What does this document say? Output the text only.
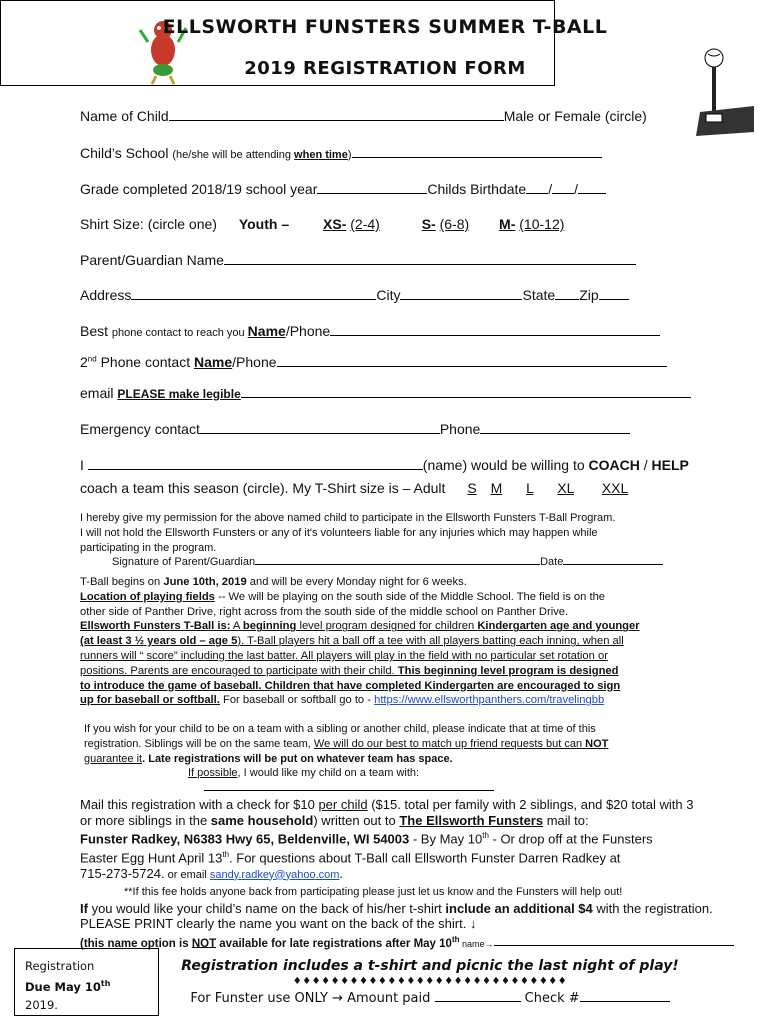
ELLSWORTH FUNSTERS SUMMER T-BALL
2019 REGISTRATION FORM
Name of Child	Male or Female (circle)
Child’s School (he/she will be attending when time)
Grade completed 2018/19 school year	Childs Birthdate / /
Shirt Size: (circle one) Youth – XS- (2-4)	S- (6-8) M- (10-12)
Parent/Guardian Name
Address	City	State Zip
Best phone contact to reach you Name/Phone
2nd Phone contact Name/Phone
email PLEASE make legible
Emergency contact	Phone
I	(name) would be willing to COACH / HELP
coach a team this season (circle). My T-Shirt size is – Adult S M L XL XXL
I hereby give my permission for the above named child to participate in the Ellsworth Funsters T-Ball Program.
I will not hold the Ellsworth Funsters or any of it's volunteers liable for any injuries which may happen while
participating in the program.
Signature of Parent/Guardian	Date
T-Ball begins on June 10th, 2019 and will be every Monday night for 6 weeks.
Location of playing fields -- We will be playing on the south side of the Middle School. The field is on the
other side of Panther Drive, right across from the south side of the middle school on Panther Drive.
Ellsworth Funsters T-Ball is: A beginning level program designed for children Kindergarten age and younger
(at least 3 ½ years old – age 5). T-Ball players hit a ball off a tee with all players batting each inning, when all
runners will “ score” including the last batter. All players will play in the field with no particular set rotation or
positions. Parents are encouraged to participate with their child. This beginning level program is designed
to introduce the game of baseball. Children that have completed Kindergarten are encouraged to sign
up for baseball or softball. For baseball or softball go to - https://www.ellsworthpanthers.com/travelingbb
If you wish for your child to be on a team with a sibling or another child, please indicate that at time of this
registration. Siblings will be on the same team, We will do our best to match up friend requests but can NOT
guarantee it. Late registrations will be put on whatever team has space.
If possible, I would like my child on a team with:
Mail this registration with a check for $10 per child ($15. total per family with 2 siblings, and $20 total with 3
or more siblings in the same household) written out to The Ellsworth Funsters mail to:
Funster Radkey, N6383 Hwy 65, Beldenville, WI 54003 - By May 10th - Or drop off at the Funsters
Easter Egg Hunt April 13th. For questions about T-Ball call Ellsworth Funster Darren Radkey at
715-273-5724. or email sandy.radkey@yahoo.com.
**If this fee holds anyone back from participating please just let us know and the Funsters will help out!
If you would like your child’s name on the back of his/her t-shirt include an additional $4 with the registration.
PLEASE PRINT clearly the name you want on the back of the shirt. ↓
(this name option is NOT available for late registrations after May 10th name→
Registration
Due May 10th
2019.
Registration includes a t-shirt and picnic the last night of play!
♦♦♦♦♦♦♦♦♦♦♦♦♦♦♦♦♦♦♦♦♦♦♦♦♦♦♦♦♦
For Funster use ONLY → Amount paid	Check #
